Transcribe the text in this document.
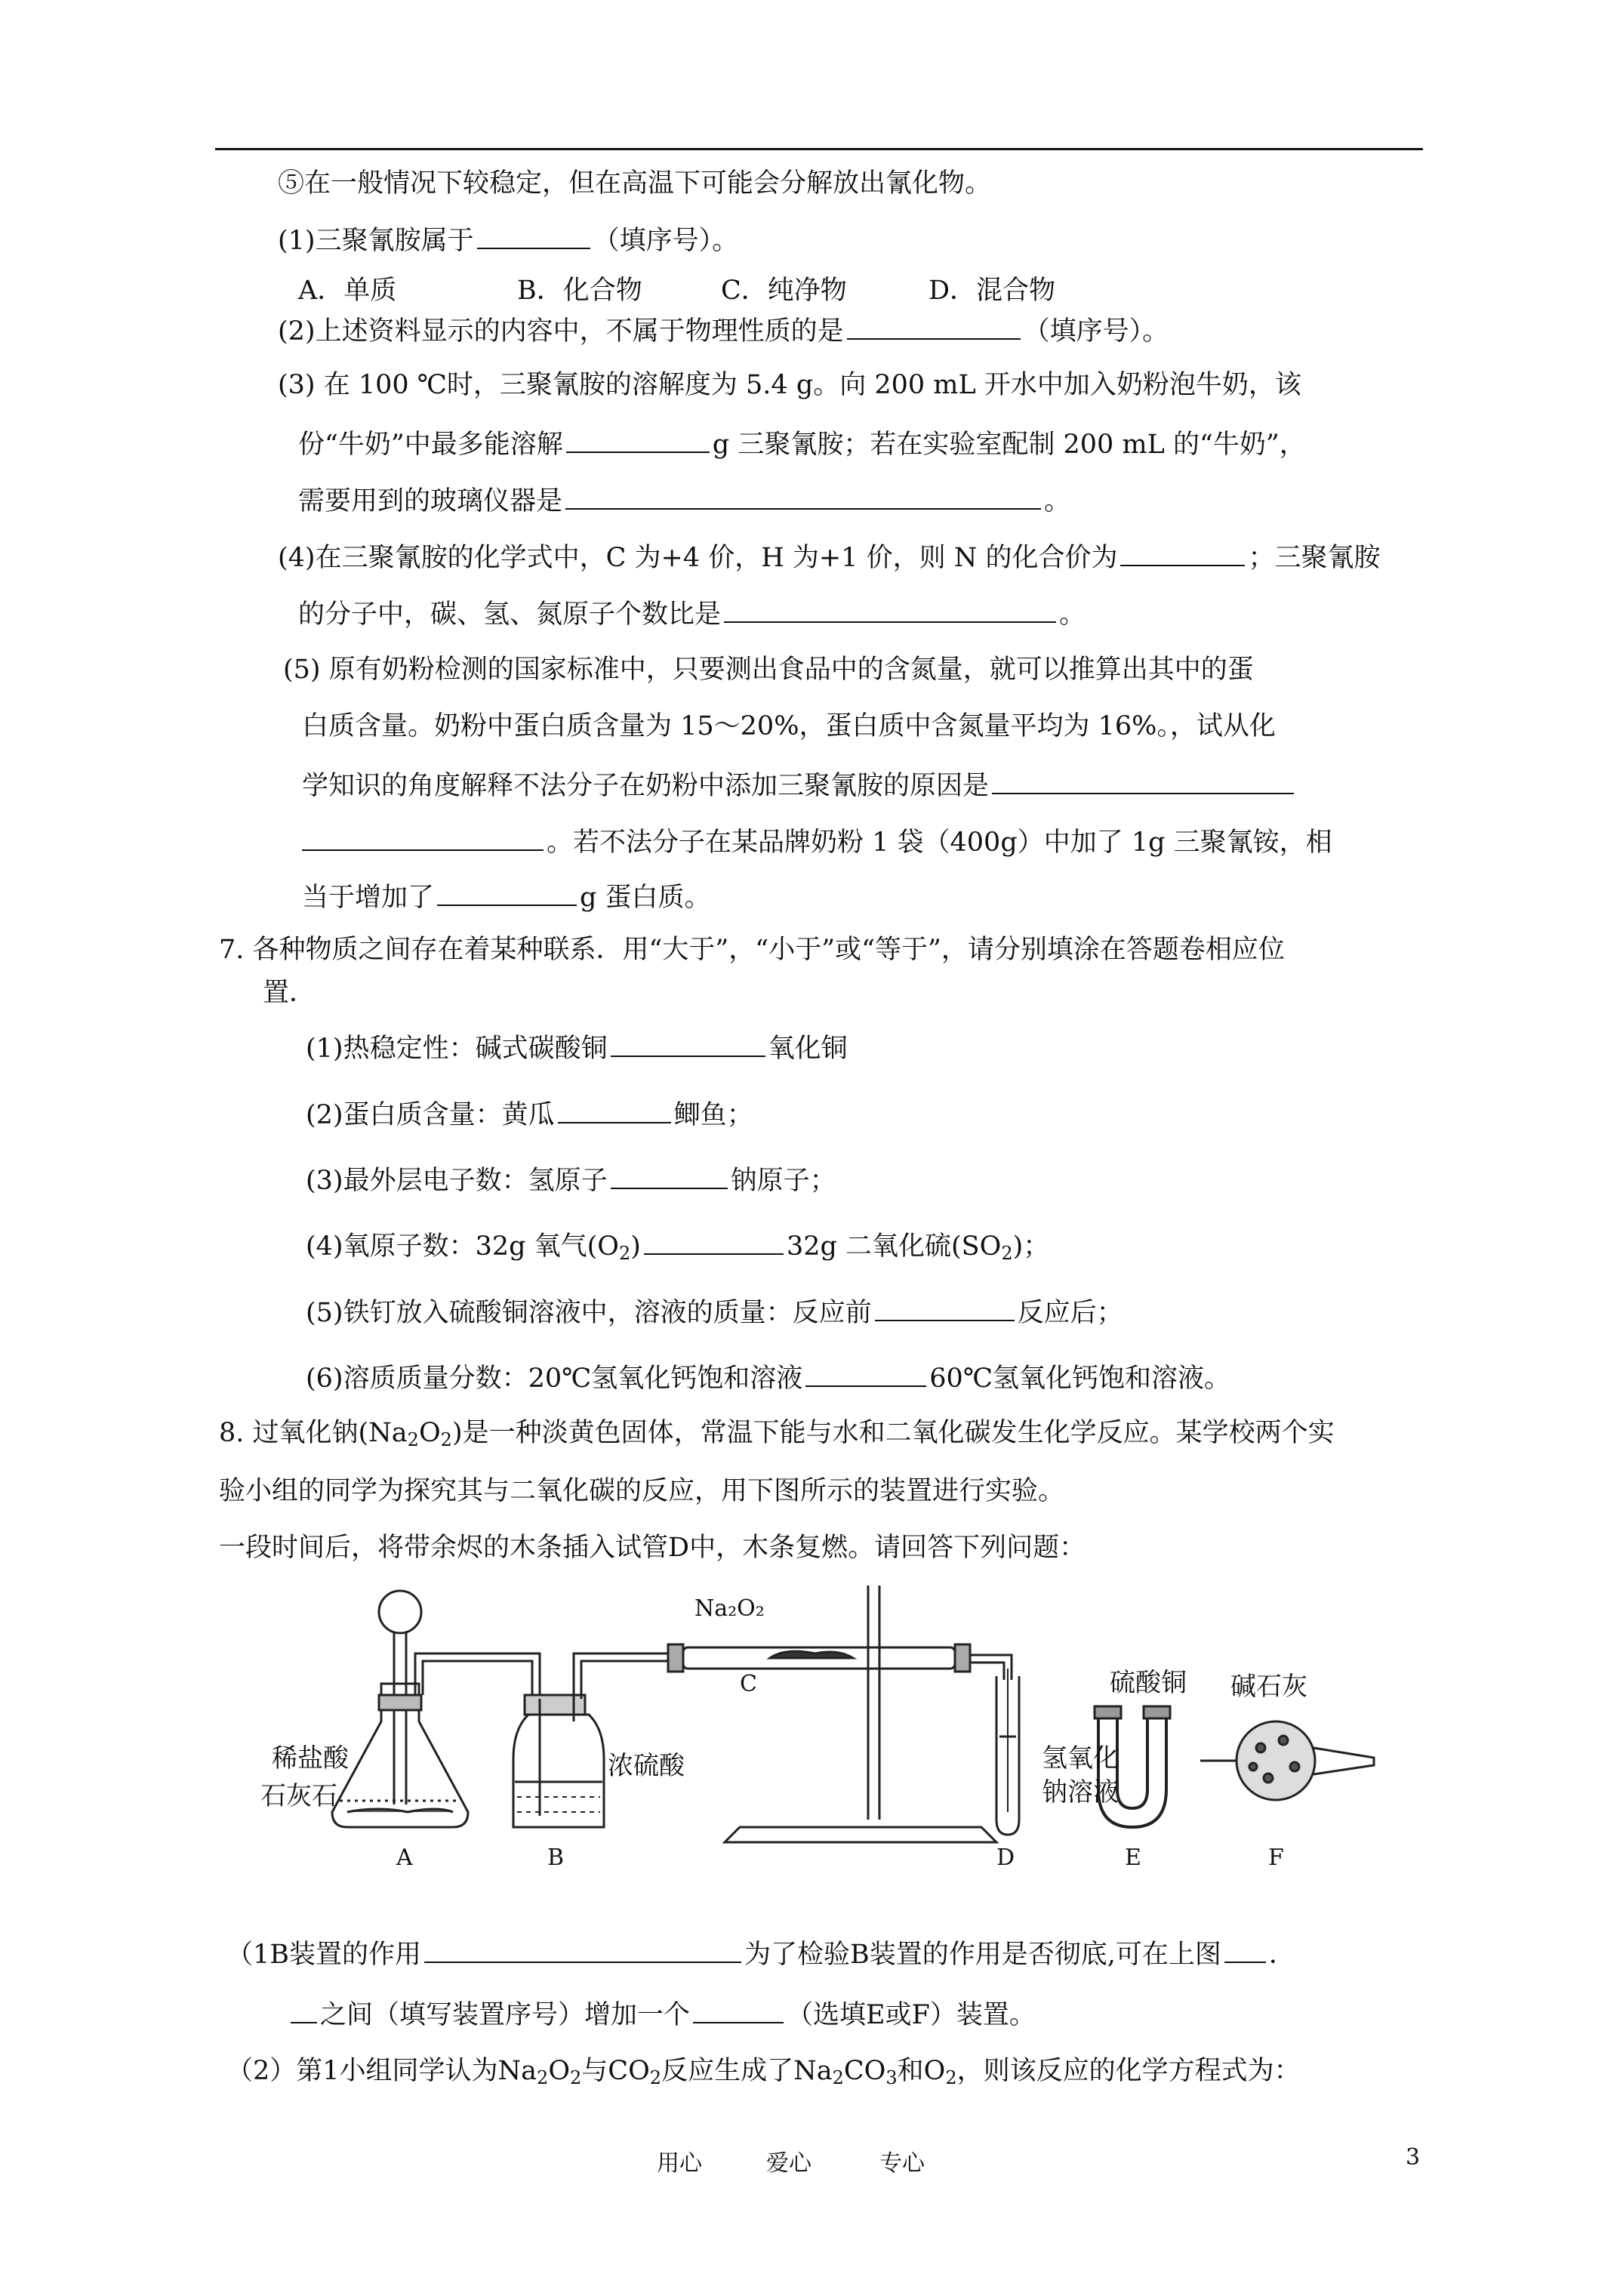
⑤在一般情况下较稳定，但在高温下可能会分解放出氰化物。
(1)三聚氰胺属于	（填序号）。
A．单质	B．化合物	C．纯净物	D．混合物
(2)上述资料显示的内容中，不属于物理性质的是	（填序号）。
(3) 在 100 ℃时，三聚氰胺的溶解度为 5.4 g。向 200 mL 开水中加入奶粉泡牛奶，该
份“牛奶”中最多能溶解	g 三聚氰胺；若在实验室配制 200 mL 的“牛奶”，
需要用到的玻璃仪器是	。
(4)在三聚氰胺的化学式中，C 为+4 价，H 为+1 价，则 N 的化合价为	；三聚氰胺
的分子中，碳、氢、氮原子个数比是	。
(5) 原有奶粉检测的国家标准中，只要测出食品中的含氮量，就可以推算出其中的蛋
白质含量。奶粉中蛋白质含量为 15～20%，蛋白质中含氮量平均为 16%。，试从化
学知识的角度解释不法分子在奶粉中添加三聚氰胺的原因是
。若不法分子在某品牌奶粉 1 袋（400g）中加了 1g 三聚氰铵，相
当于增加了	g 蛋白质。
7. 各种物质之间存在着某种联系．用“大于”，“小于”或“等于”，请分别填涂在答题卷相应位
置．
(1)热稳定性：碱式碳酸铜	氧化铜
(2)蛋白质含量：黄瓜	鲫鱼；
(3)最外层电子数：氢原子	钠原子；
(4)氧原子数：32g 氧气$(O_2)$	32g 二氧化硫$(SO_2)$；
(5)铁钉放入硫酸铜溶液中，溶液的质量：反应前	反应后；
(6)溶质质量分数：20℃氢氧化钙饱和溶液	60℃氢氧化钙饱和溶液。
8. 过氧化钠$(Na_2O_2)$是一种淡黄色固体，常温下能与水和二氧化碳发生化学反应。某学校两个实
验小组的同学为探究其与二氧化碳的反应，用下图所示的装置进行实验。
一段时间后，将带余烬的木条插入试管D中，木条复燃。请回答下列问题：
稀盐酸
石灰石
浓硫酸
Na₂O₂
C
氢氧化
钠溶液
硫酸铜 碱石灰
A	B	D	E	F
（1B装置的作用	为了检验B装置的作用是否彻底,可在上图 ．
之间（填写装置序号）增加一个	（选填E或F）装置。
（2）第1小组同学认为$Na_2O_2$与$CO_2$反应生成了$Na_2CO_3$和$O_2$，则该反应的化学方程式为：
用心	爱心	专心	3
